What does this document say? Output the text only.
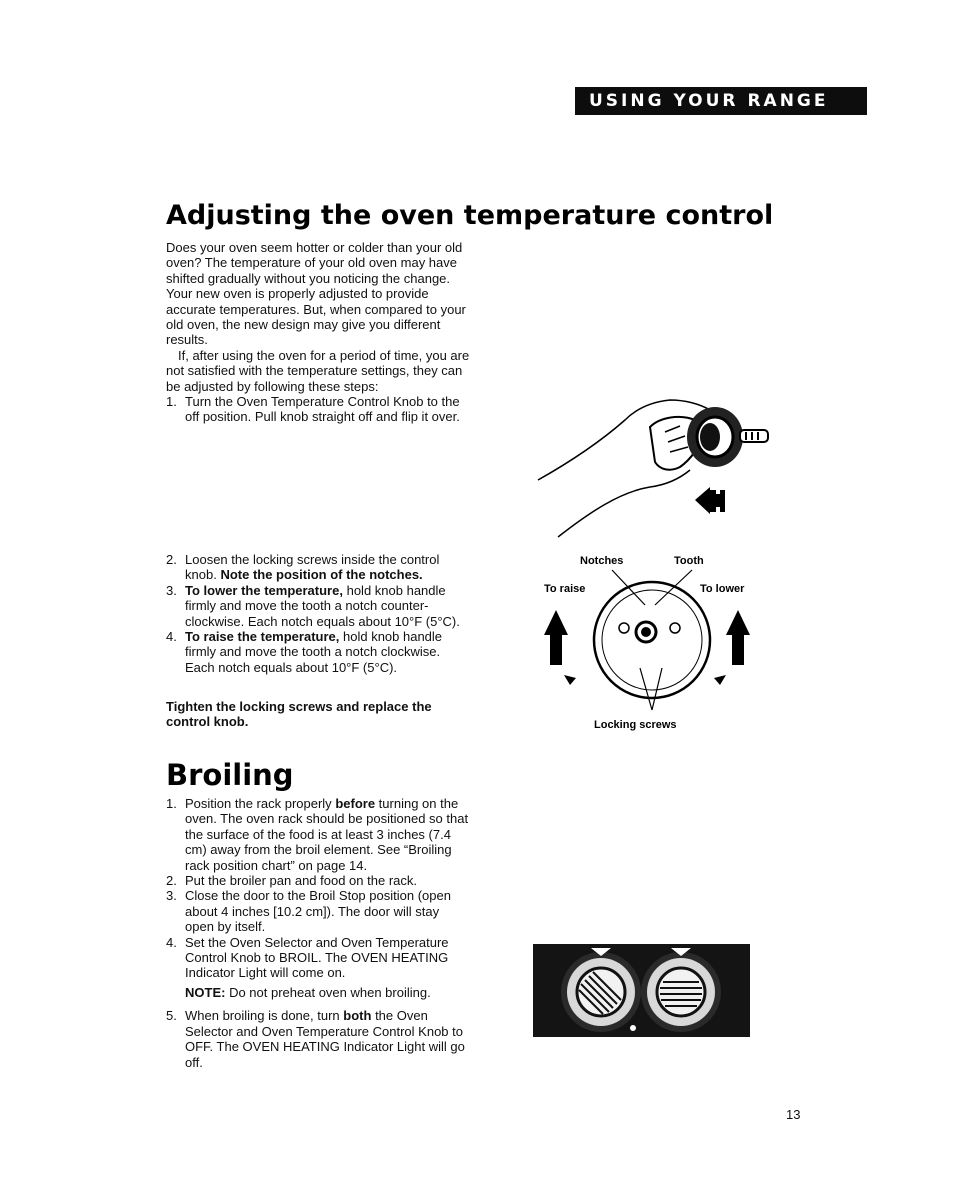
USING YOUR RANGE
Adjusting the oven temperature control

Does your oven seem hotter or colder than your old oven? The temperature of your old oven may have shifted gradually without you noticing the change. Your new oven is properly adjusted to provide accurate temperatures. But, when compared to your old oven, the new design may give you different results.

If, after using the oven for a period of time, you are not satisfied with the temperature settings, they can be adjusted by following these steps:

1. Turn the Oven Temperature Control Knob to the off position. Pull knob straight off and flip it over.
2. Loosen the locking screws inside the control knob. Note the position of the notches.
3. To lower the temperature, hold knob handle firmly and move the tooth a notch counter-clockwise. Each notch equals about 10°F (5°C).
4. To raise the temperature, hold knob handle firmly and move the tooth a notch clockwise. Each notch equals about 10°F (5°C).
Tighten the locking screws and replace the control knob.
Notches	Tooth
To raise	To lower
Locking screws
Broiling
1. Position the rack properly before turning on the oven. The oven rack should be positioned so that the surface of the food is at least 3 inches (7.4 cm) away from the broil element. See “Broiling rack position chart” on page 14.
2. Put the broiler pan and food on the rack.
3. Close the door to the Broil Stop position (open about 4 inches [10.2 cm]). The door will stay open by itself.
4. Set the Oven Selector and Oven Temperature Control Knob to BROIL. The OVEN HEATING Indicator Light will come on.
NOTE: Do not preheat oven when broiling.
5. When broiling is done, turn both the Oven Selector and Oven Temperature Control Knob to OFF. The OVEN HEATING Indicator Light will go off.
13
